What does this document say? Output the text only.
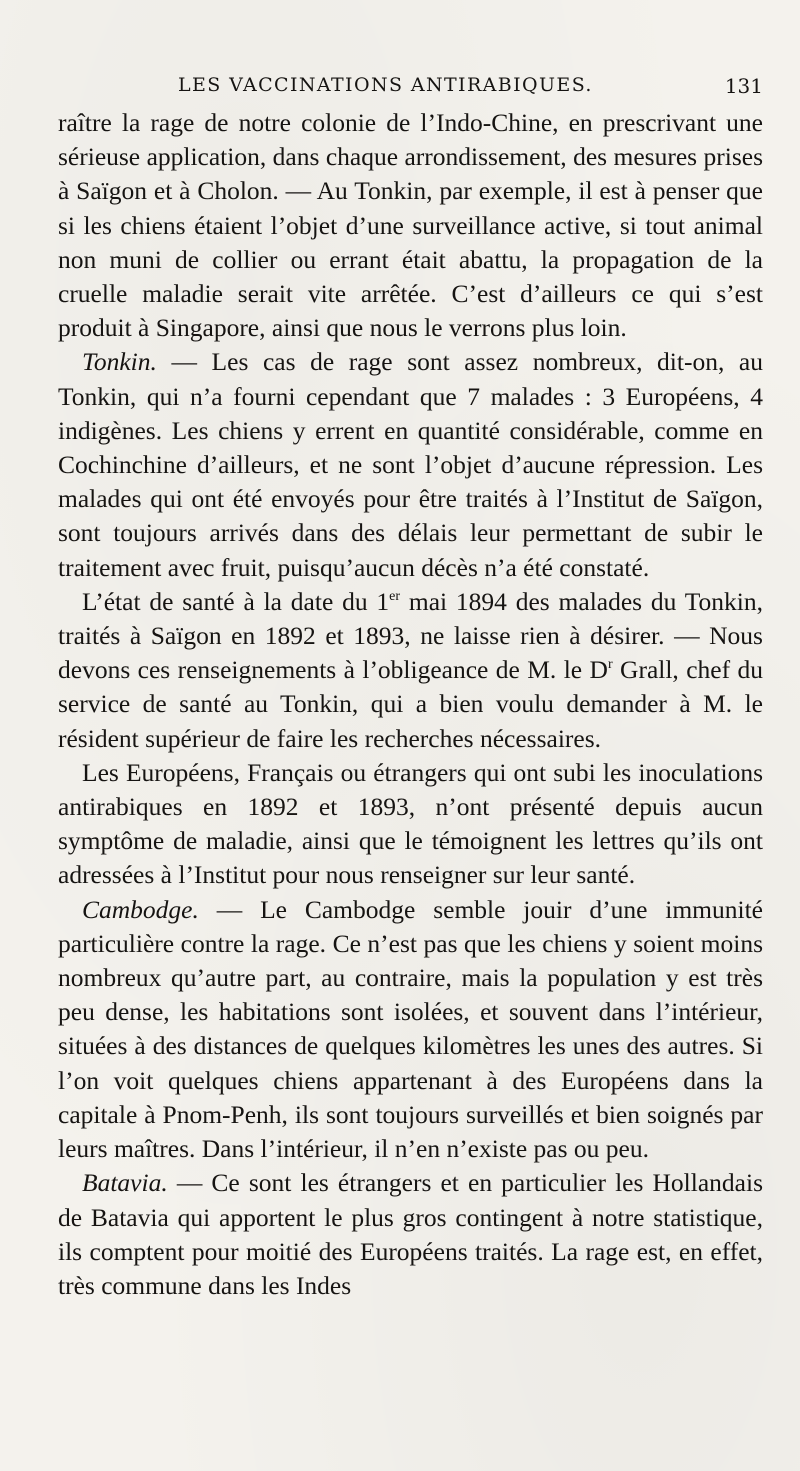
LES VACCINATIONS ANTIRABIQUES.	131

raître la rage de notre colonie de l’Indo-Chine, en prescrivant une sérieuse application, dans chaque arrondissement, des mesures prises à Saïgon et à Cholon. — Au Tonkin, par exemple, il est à penser que si les chiens étaient l’objet d’une surveillance active, si tout animal non muni de collier ou errant était abattu, la propagation de la cruelle maladie serait vite arrêtée. C’est d’ailleurs ce qui s’est produit à Singapore, ainsi que nous le verrons plus loin.

Tonkin. — Les cas de rage sont assez nombreux, dit-on, au Tonkin, qui n’a fourni cependant que 7 malades : 3 Européens, 4 indigènes. Les chiens y errent en quantité considérable, comme en Cochinchine d’ailleurs, et ne sont l’objet d’aucune répression. Les malades qui ont été envoyés pour être traités à l’Institut de Saïgon, sont toujours arrivés dans des délais leur permettant de subir le traitement avec fruit, puisqu’aucun décès n’a été constaté.

L’état de santé à la date du 1er mai 1894 des malades du Tonkin, traités à Saïgon en 1892 et 1893, ne laisse rien à désirer. — Nous devons ces renseignements à l’obligeance de M. le $D^r$ Grall, chef du service de santé au Tonkin, qui a bien voulu demander à M. le résident supérieur de faire les recherches nécessaires.

Les Européens, Français ou étrangers qui ont subi les inoculations antirabiques en 1892 et 1893, n’ont présenté depuis aucun symptôme de maladie, ainsi que le témoignent les lettres qu’ils ont adressées à l’Institut pour nous renseigner sur leur santé.

Cambodge. — Le Cambodge semble jouir d’une immunité particulière contre la rage. Ce n’est pas que les chiens y soient moins nombreux qu’autre part, au contraire, mais la population y est très peu dense, les habitations sont isolées, et souvent dans l’intérieur, situées à des distances de quelques kilomètres les unes des autres. Si l’on voit quelques chiens appartenant à des Européens dans la capitale à Pnom-Penh, ils sont toujours surveillés et bien soignés par leurs maîtres. Dans l’intérieur, il n’en n’existe pas ou peu.

Batavia. — Ce sont les étrangers et en particulier les Hollandais de Batavia qui apportent le plus gros contingent à notre statistique, ils comptent pour moitié des Européens traités. La rage est, en effet, très commune dans les Indes
